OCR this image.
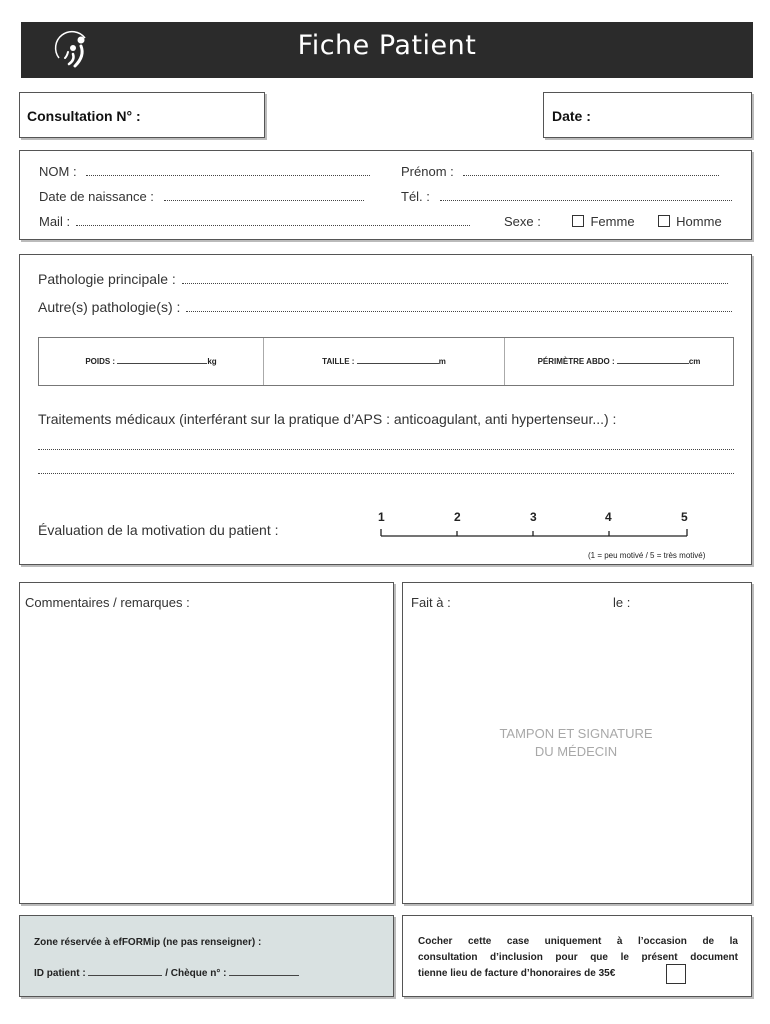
Fiche Patient
Consultation N° :	Date :
NOM :	Prénom :
Date de naissance :	Tél. :
Mail :	Sexe :	Femme	Homme
Pathologie principale :
Autre(s) pathologie(s) :
POIDS :	kg	TAILLE :	m	PÉRIMÈTRE ABDO :	cm
Traitements médicaux (interférant sur la pratique d’APS : anticoagulant, anti hypertenseur...) :
Évaluation de la motivation du patient :
1	2	3	4	5
(1 = peu motivé / 5 = très motivé)
Commentaires / remarques :	Fait à :	le :
TAMPON ET SIGNATURE
DU MÉDECIN
Zone réservée à efFORMip (ne pas renseigner) :
ID patient :	/ Chèque n° :
Cocher cette case uniquement à l’occasion de la
consultation d’inclusion pour que le présent document
tienne lieu de facture d’honoraires de 35€
